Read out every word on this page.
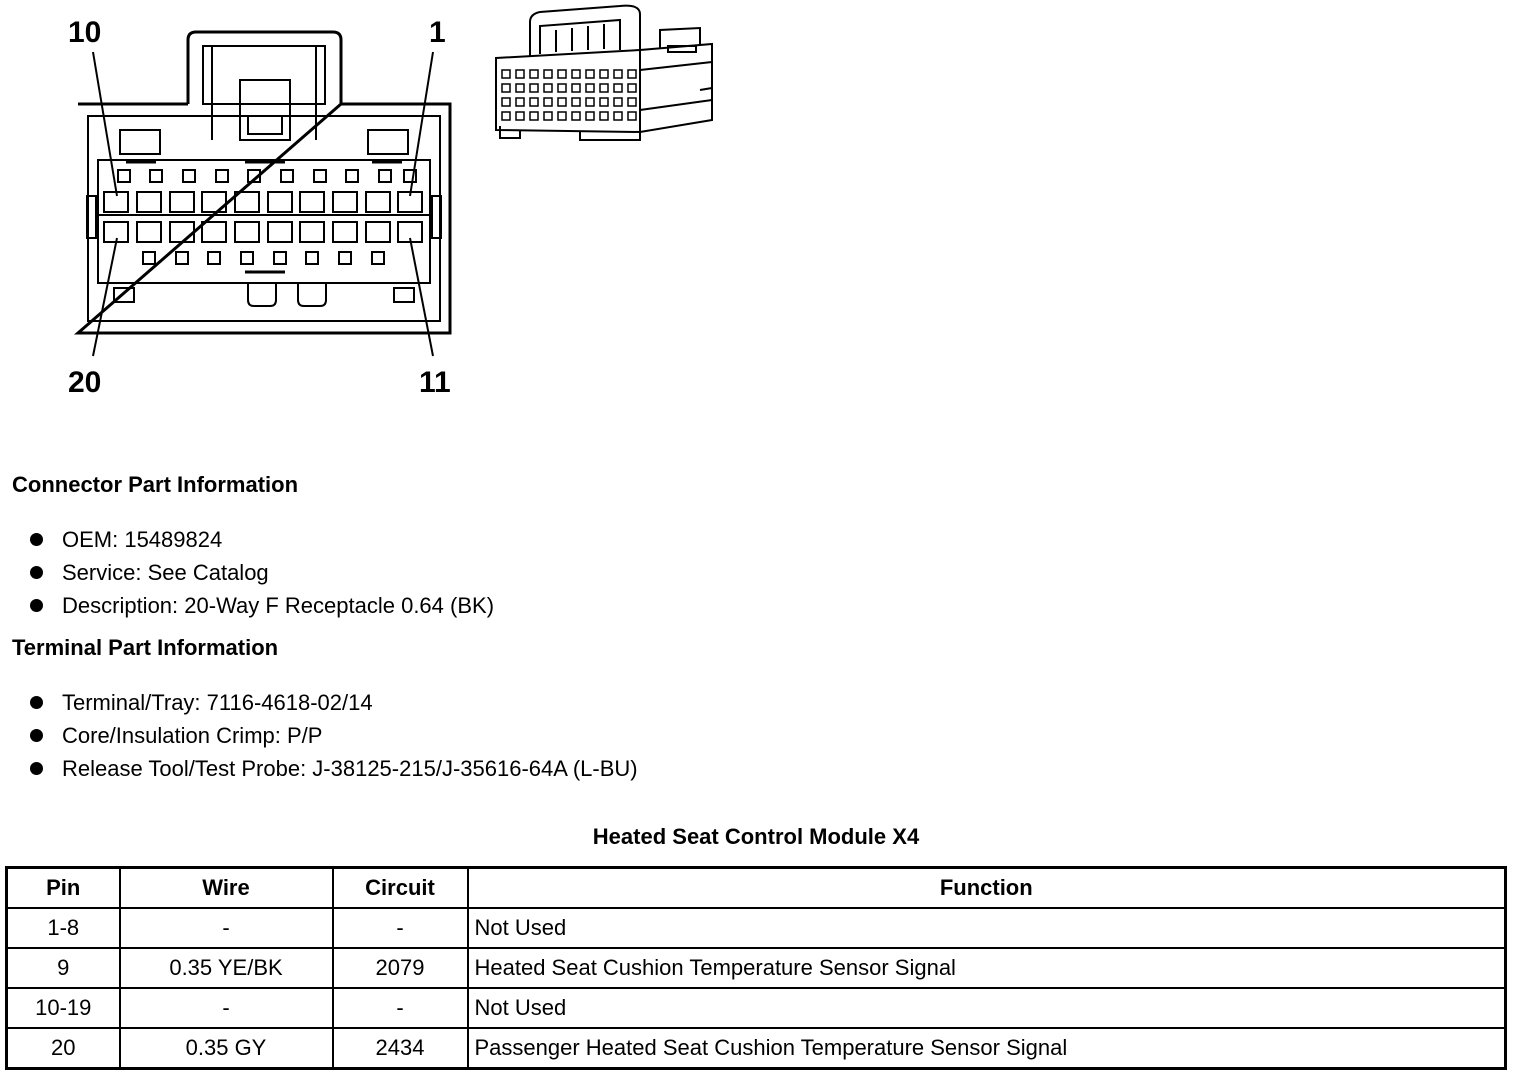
10	1
20	11
Connector Part Information
OEM: 15489824
Service: See Catalog
Description: 20-Way F Receptacle 0.64 (BK)
Terminal Part Information
Terminal/Tray: 7116-4618-02/14
Core/Insulation Crimp: P/P
Release Tool/Test Probe: J-38125-215/J-35616-64A (L-BU)
Heated Seat Control Module X4
Pin	Wire	Circuit	Function
1-8	-	-	Not Used
9	0.35 YE/BK	2079	Heated Seat Cushion Temperature Sensor Signal
10-19	-	-	Not Used
20	0.35 GY	2434	Passenger Heated Seat Cushion Temperature Sensor Signal
